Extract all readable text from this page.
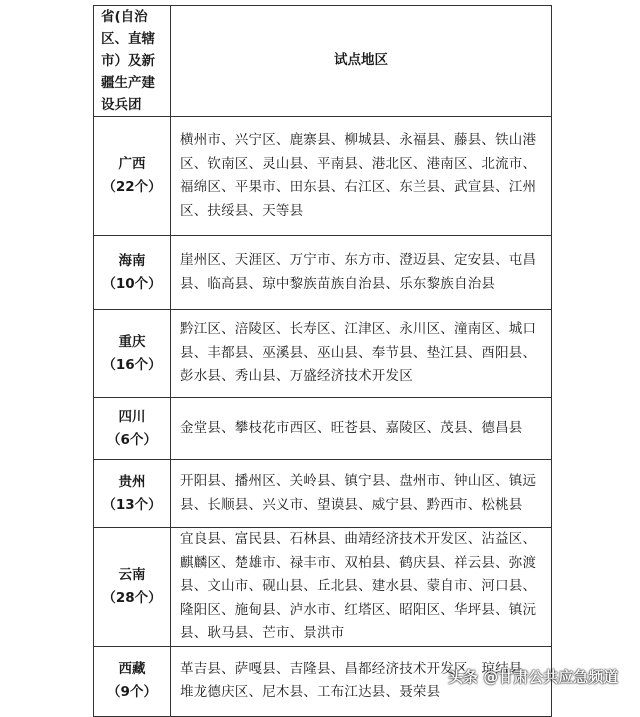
省(自治区、直辖市）及新疆生产建设兵团	试点地区

广西
（22个）	横州市、兴宁区、鹿寨县、柳城县、永福县、藤县、铁山港区、钦南区、灵山县、平南县、港北区、港南区、北流市、福绵区、平果市、田东县、右江区、东兰县、武宣县、江州区、扶绥县、天等县

海南
（10个）	崖州区、天涯区、万宁市、东方市、澄迈县、定安县、屯昌县、临高县、琼中黎族苗族自治县、乐东黎族自治县

重庆
（16个）	黔江区、涪陵区、长寿区、江津区、永川区、潼南区、城口县、丰都县、巫溪县、巫山县、奉节县、垫江县、酉阳县、彭水县、秀山县、万盛经济技术开发区

四川
（6个）	金堂县、攀枝花市西区、旺苍县、嘉陵区、茂县、德昌县

贵州
（13个）	开阳县、播州区、关岭县、镇宁县、盘州市、钟山区、镇远县、长顺县、兴义市、望谟县、威宁县、黔西市、松桃县

云南
（28个）	宜良县、富民县、石林县、曲靖经济技术开发区、沾益区、麒麟区、楚雄市、禄丰市、双柏县、鹤庆县、祥云县、弥渡县、文山市、砚山县、丘北县、建水县、蒙自市、河口县、隆阳区、施甸县、泸水市、红塔区、昭阳区、华坪县、镇沅县、耿马县、芒市、景洪市

西藏
（9个）	革吉县、萨嘎县、吉隆县、昌都经济技术开发区、琼结县、堆龙德庆区、尼木县、工布江达县、聂荣县
头条 @甘肃公共应急频道
